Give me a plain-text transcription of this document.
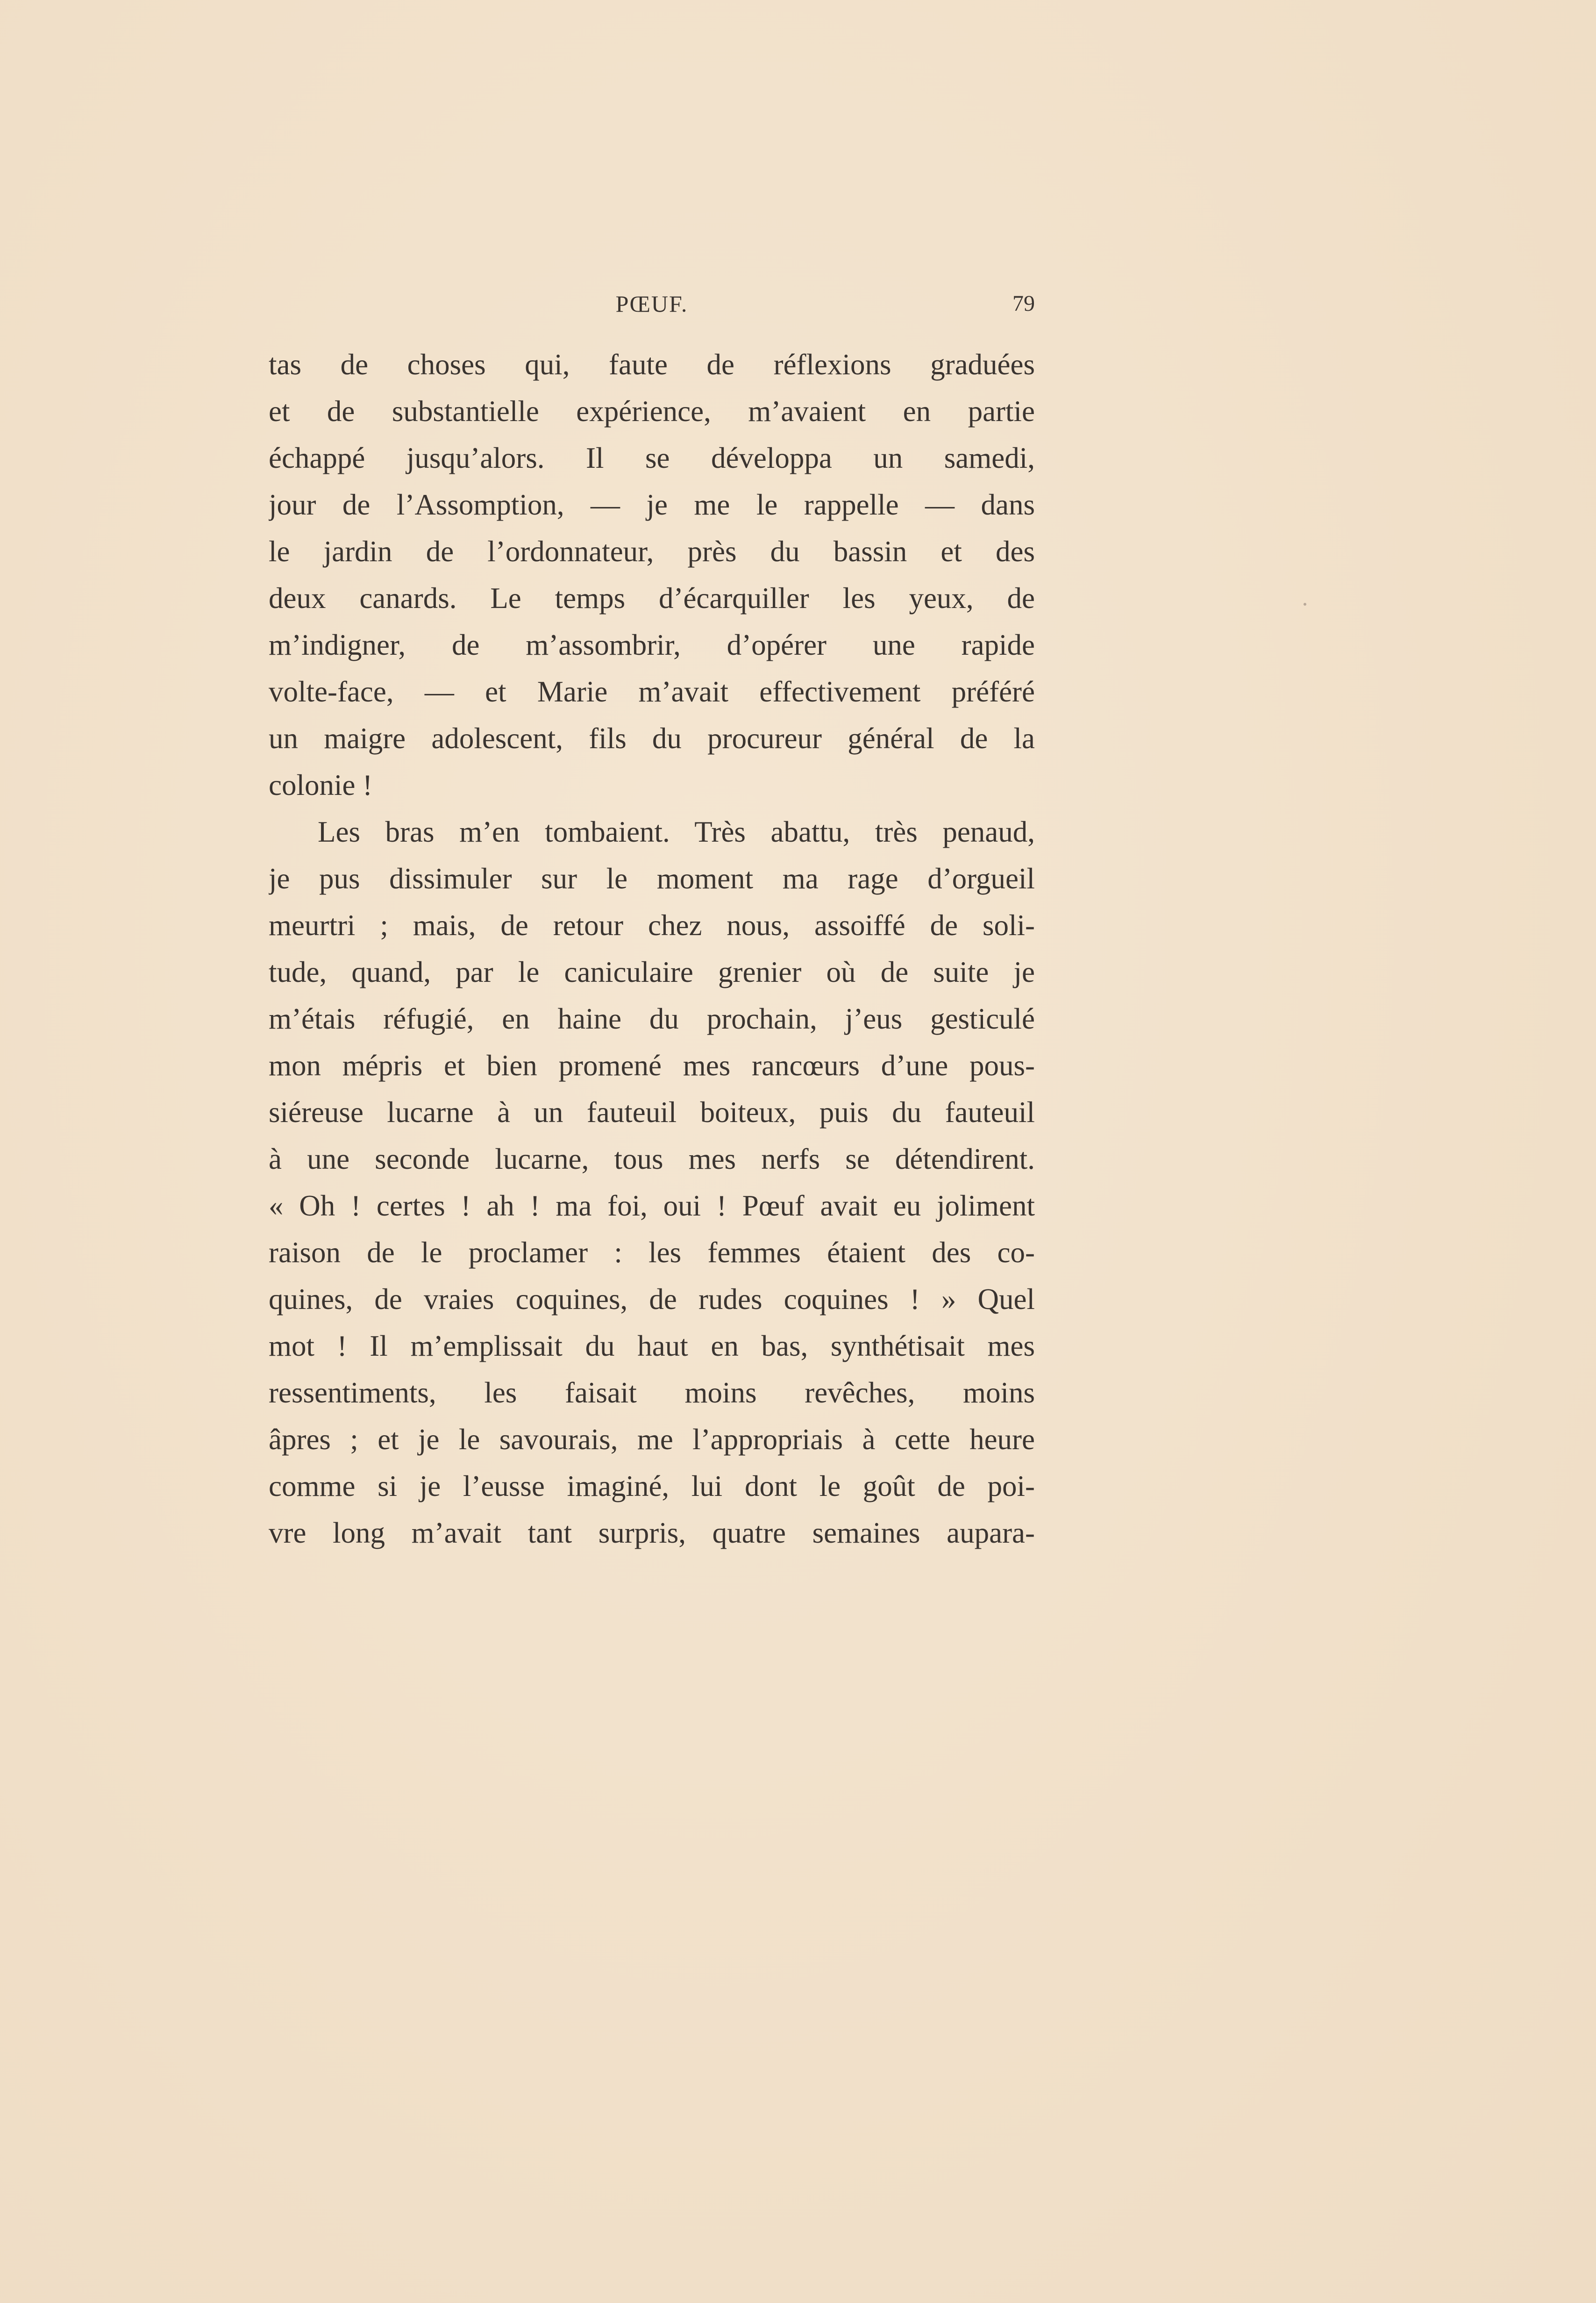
PŒUF.	79
tas de choses qui, faute de réflexions graduées
et de substantielle expérience, m’avaient en partie
échappé jusqu’alors. Il se développa un samedi,
jour de l’Assomption, — je me le rappelle — dans
le jardin de l’ordonnateur, près du bassin et des
deux canards. Le temps d’écarquiller les yeux, de
m’indigner, de m’assombrir, d’opérer une rapide
volte-face, — et Marie m’avait effectivement préféré
un maigre adolescent, fils du procureur général de la
colonie !
Les bras m’en tombaient. Très abattu, très penaud,
je pus dissimuler sur le moment ma rage d’orgueil
meurtri ; mais, de retour chez nous, assoiffé de soli-
tude, quand, par le caniculaire grenier où de suite je
m’étais réfugié, en haine du prochain, j’eus gesticulé
mon mépris et bien promené mes rancœurs d’une pous-
siéreuse lucarne à un fauteuil boiteux, puis du fauteuil
à une seconde lucarne, tous mes nerfs se détendirent.
« Oh ! certes ! ah ! ma foi, oui ! Pœuf avait eu joliment
raison de le proclamer : les femmes étaient des co-
quines, de vraies coquines, de rudes coquines ! » Quel
mot ! Il m’emplissait du haut en bas, synthétisait mes
ressentiments, les faisait moins revêches, moins
âpres ; et je le savourais, me l’appropriais à cette heure
comme si je l’eusse imaginé, lui dont le goût de poi-
vre long m’avait tant surpris, quatre semaines aupara-
